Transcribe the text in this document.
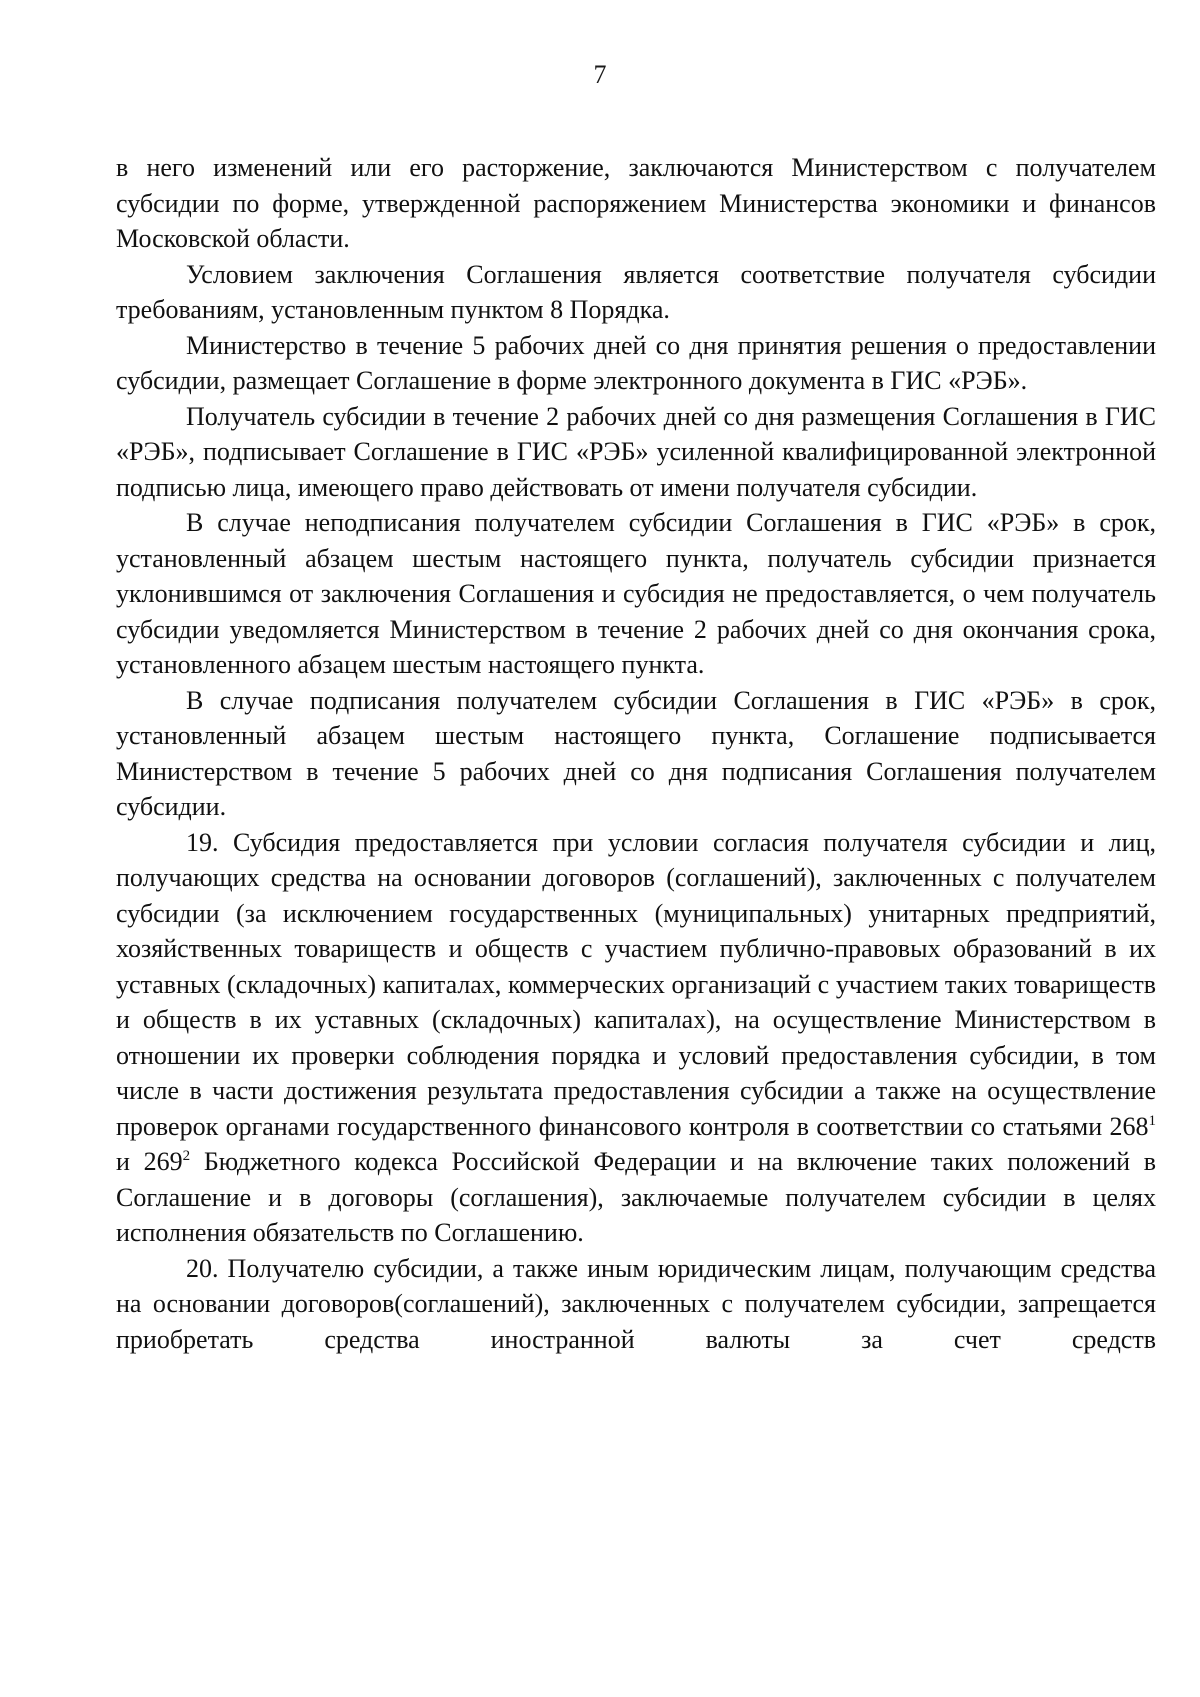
7

в него изменений или его расторжение, заключаются Министерством с получателем субсидии по форме, утвержденной распоряжением Министерства экономики и финансов Московской области.

Условием заключения Соглашения является соответствие получателя субсидии требованиям, установленным пунктом 8 Порядка.

Министерство в течение 5 рабочих дней со дня принятия решения о предоставлении субсидии, размещает Соглашение в форме электронного документа в ГИС «РЭБ».

Получатель субсидии в течение 2 рабочих дней со дня размещения Соглашения в ГИС «РЭБ», подписывает Соглашение в ГИС «РЭБ» усиленной квалифицированной электронной подписью лица, имеющего право действовать от имени получателя субсидии.

В случае неподписания получателем субсидии Соглашения в ГИС «РЭБ» в срок, установленный абзацем шестым настоящего пункта, получатель субсидии признается уклонившимся от заключения Соглашения и субсидия не предоставляется, о чем получатель субсидии уведомляется Министерством в течение 2 рабочих дней со дня окончания срока, установленного абзацем шестым настоящего пункта.

В случае подписания получателем субсидии Соглашения в ГИС «РЭБ» в срок, установленный абзацем шестым настоящего пункта, Соглашение подписывается Министерством в течение 5 рабочих дней со дня подписания Соглашения получателем субсидии.

19. Субсидия предоставляется при условии согласия получателя субсидии и лиц, получающих средства на основании договоров (соглашений), заключенных с получателем субсидии (за исключением государственных (муниципальных) унитарных предприятий, хозяйственных товариществ и обществ с участием публично-правовых образований в их уставных (складочных) капиталах, коммерческих организаций с участием таких товариществ и обществ в их уставных (складочных) капиталах), на осуществление Министерством в отношении их проверки соблюдения порядка и условий предоставления субсидии, в том числе в части достижения результата предоставления субсидии а также на осуществление проверок органами государственного финансового контроля в соответствии со статьями $268^1$ и $269^2$ Бюджетного кодекса Российской Федерации и на включение таких положений в Соглашение и в договоры (соглашения), заключаемые получателем субсидии в целях исполнения обязательств по Соглашению.

20. Получателю субсидии, а также иным юридическим лицам, получающим средства на основании договоров(соглашений), заключенных с получателем субсидии, запрещается приобретать средства иностранной валюты за счет средств
